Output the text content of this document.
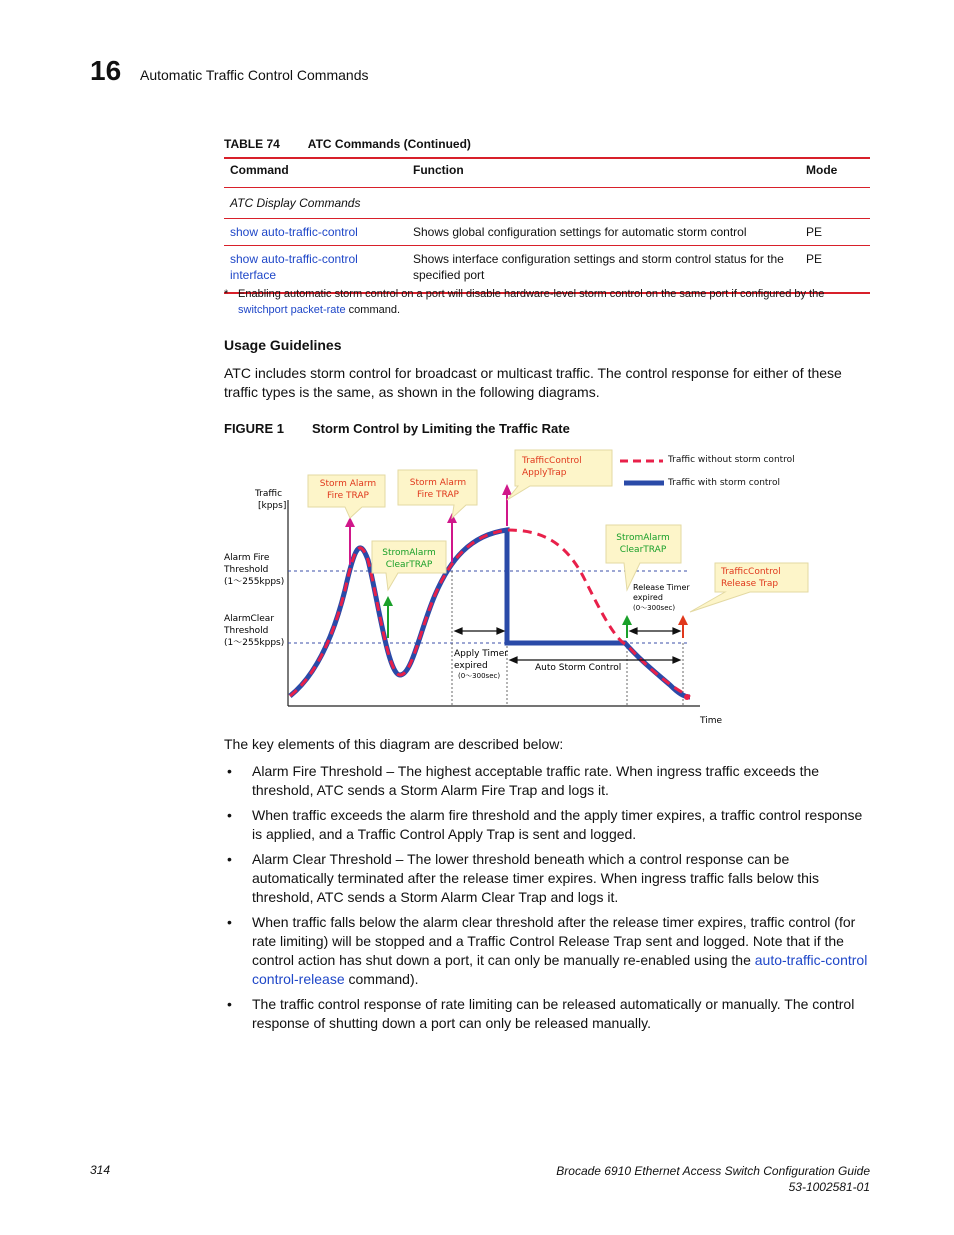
16 Automatic Traffic Control Commands
TABLE 74 ATC Commands (Continued)
Command	Function	Mode
ATC Display Commands		
show auto-traffic-control	Shows global configuration settings for automatic storm control	PE
show auto-traffic-control interface	Shows interface configuration settings and storm control status for the specified port	PE
* Enabling automatic storm control on a port will disable hardware-level storm control on the same port if configured by the
switchport packet-rate command.
Usage Guidelines
ATC includes storm control for broadcast or multicast traffic. The control response for either of these traffic types is the same, as shown in the following diagrams.
FIGURE 1 Storm Control by Limiting the Traffic Rate
Storm Alarm
Fire TRAP
Storm Alarm
Fire TRAP
TrafficControl
ApplyTrap
StromAlarm
ClearTRAP
StromAlarm
ClearTRAP
TrafficControl
Release Trap
Traffic without storm control
Traffic with storm control
Traffic
[kpps]
Time
Alarm Fire
Threshold
(1〜255kpps)
AlarmClear
Threshold
(1〜255kpps)
Apply Timer
expired
(0〜300sec)
Release Timer
expired
(0〜300sec)
Auto Storm Control
The key elements of this diagram are described below:
• Alarm Fire Threshold – The highest acceptable traffic rate. When ingress traffic exceeds the threshold, ATC sends a Storm Alarm Fire Trap and logs it.
• When traffic exceeds the alarm fire threshold and the apply timer expires, a traffic control response is applied, and a Traffic Control Apply Trap is sent and logged.
• Alarm Clear Threshold – The lower threshold beneath which a control response can be automatically terminated after the release timer expires. When ingress traffic falls below this threshold, ATC sends a Storm Alarm Clear Trap and logs it.
• When traffic falls below the alarm clear threshold after the release timer expires, traffic control (for rate limiting) will be stopped and a Traffic Control Release Trap sent and logged. Note that if the control action has shut down a port, it can only be manually re-enabled using the auto-traffic-control control-release command).
• The traffic control response of rate limiting can be released automatically or manually. The control response of shutting down a port can only be released manually.
314	Brocade 6910 Ethernet Access Switch Configuration Guide
53-1002581-01
